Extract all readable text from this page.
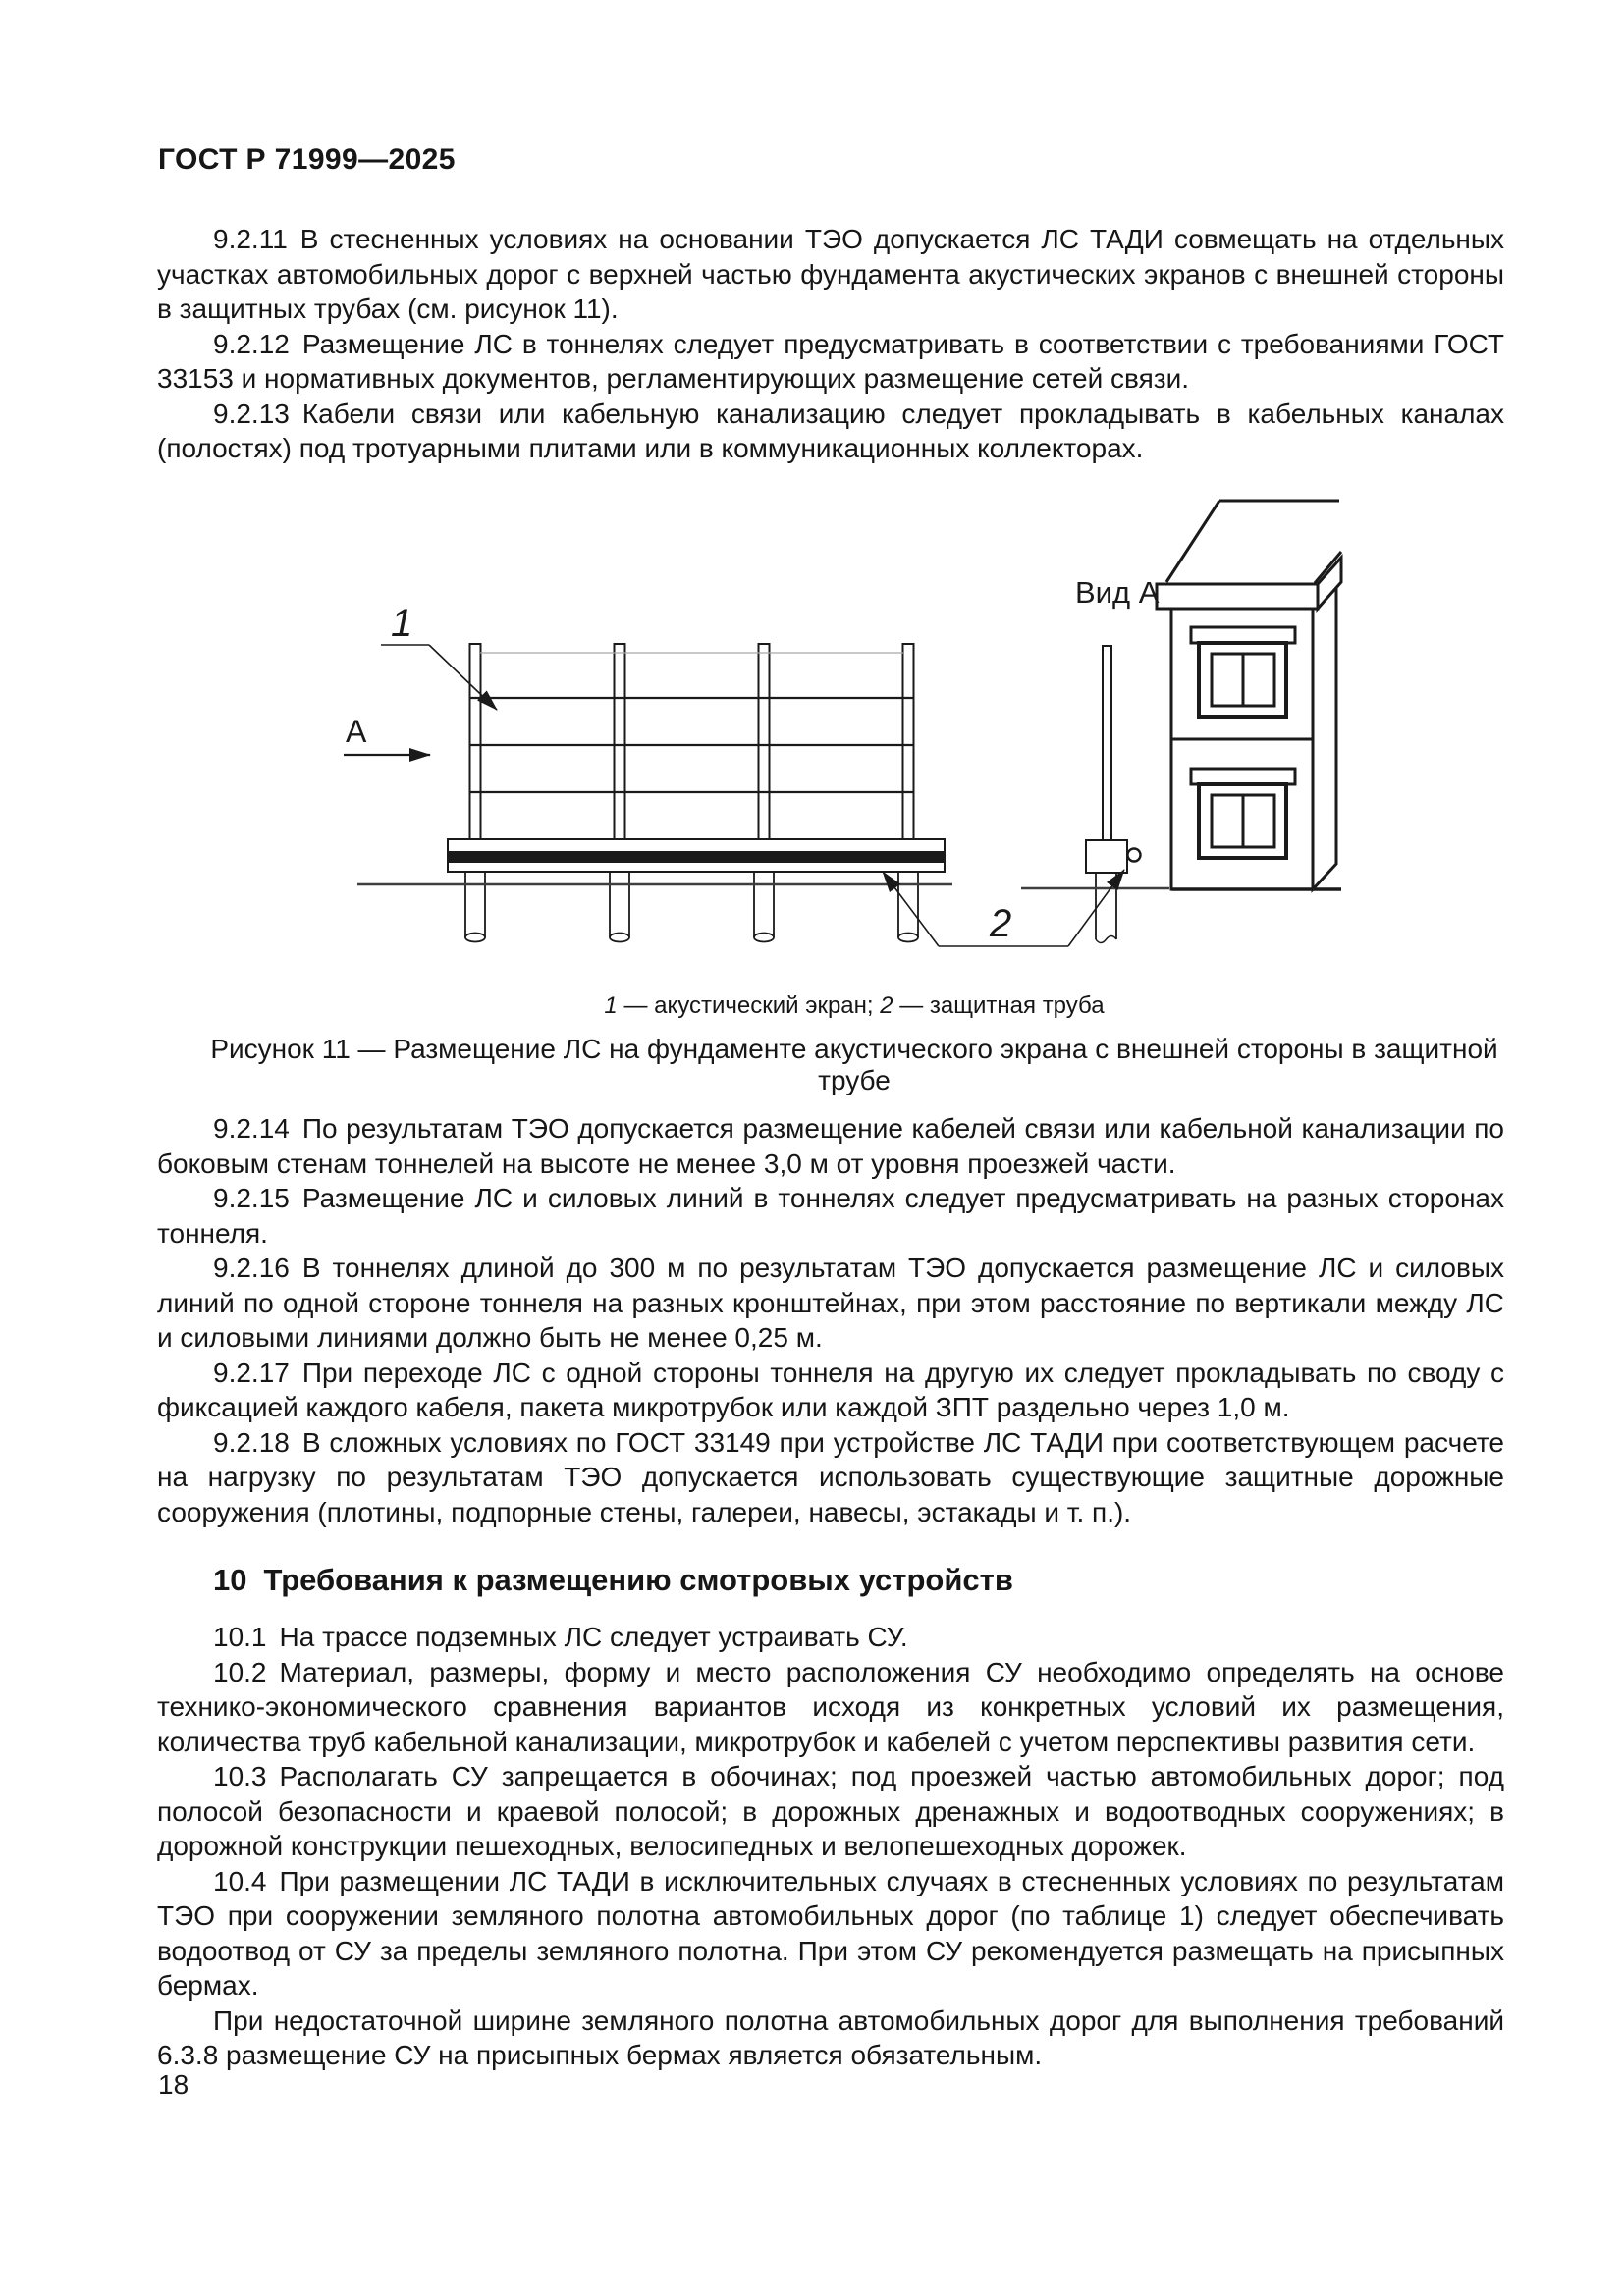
ГОСТ Р 71999—2025

9.2.11 В стесненных условиях на основании ТЭО допускается ЛС ТАДИ совмещать на отдельных участках автомобильных дорог с верхней частью фундамента акустических экранов с внешней стороны в защитных трубах (см. рисунок 11).

9.2.12 Размещение ЛС в тоннелях следует предусматривать в соответствии с требованиями ГОСТ 33153 и нормативных документов, регламентирующих размещение сетей связи.

9.2.13 Кабели связи или кабельную канализацию следует прокладывать в кабельных каналах (полостях) под тротуарными плитами или в коммуникационных коллекторах.

1
А
Вид А
2
1 — акустический экран; 2 — защитная труба
Рисунок 11 — Размещение ЛС на фундаменте акустического экрана с внешней стороны в защитной трубе

9.2.14 По результатам ТЭО допускается размещение кабелей связи или кабельной канализации по боковым стенам тоннелей на высоте не менее 3,0 м от уровня проезжей части.

9.2.15 Размещение ЛС и силовых линий в тоннелях следует предусматривать на разных сторонах тоннеля.

9.2.16 В тоннелях длиной до 300 м по результатам ТЭО допускается размещение ЛС и силовых линий по одной стороне тоннеля на разных кронштейнах, при этом расстояние по вертикали между ЛС и силовыми линиями должно быть не менее 0,25 м.

9.2.17 При переходе ЛС с одной стороны тоннеля на другую их следует прокладывать по своду с фиксацией каждого кабеля, пакета микротрубок или каждой ЗПТ раздельно через 1,0 м.

9.2.18 В сложных условиях по ГОСТ 33149 при устройстве ЛС ТАДИ при соответствующем расчете на нагрузку по результатам ТЭО допускается использовать существующие защитные дорожные сооружения (плотины, подпорные стены, галереи, навесы, эстакады и т. п.).

10 Требования к размещению смотровых устройств

10.1 На трассе подземных ЛС следует устраивать СУ.

10.2 Материал, размеры, форму и место расположения СУ необходимо определять на основе технико-экономического сравнения вариантов исходя из конкретных условий их размещения, количества труб кабельной канализации, микротрубок и кабелей с учетом перспективы развития сети.

10.3 Располагать СУ запрещается в обочинах; под проезжей частью автомобильных дорог; под полосой безопасности и краевой полосой; в дорожных дренажных и водоотводных сооружениях; в дорожной конструкции пешеходных, велосипедных и велопешеходных дорожек.

10.4 При размещении ЛС ТАДИ в исключительных случаях в стесненных условиях по результатам ТЭО при сооружении земляного полотна автомобильных дорог (по таблице 1) следует обеспечивать водоотвод от СУ за пределы земляного полотна. При этом СУ рекомендуется размещать на присыпных бермах.

При недостаточной ширине земляного полотна автомобильных дорог для выполнения требований 6.3.8 размещение СУ на присыпных бермах является обязательным.

18
